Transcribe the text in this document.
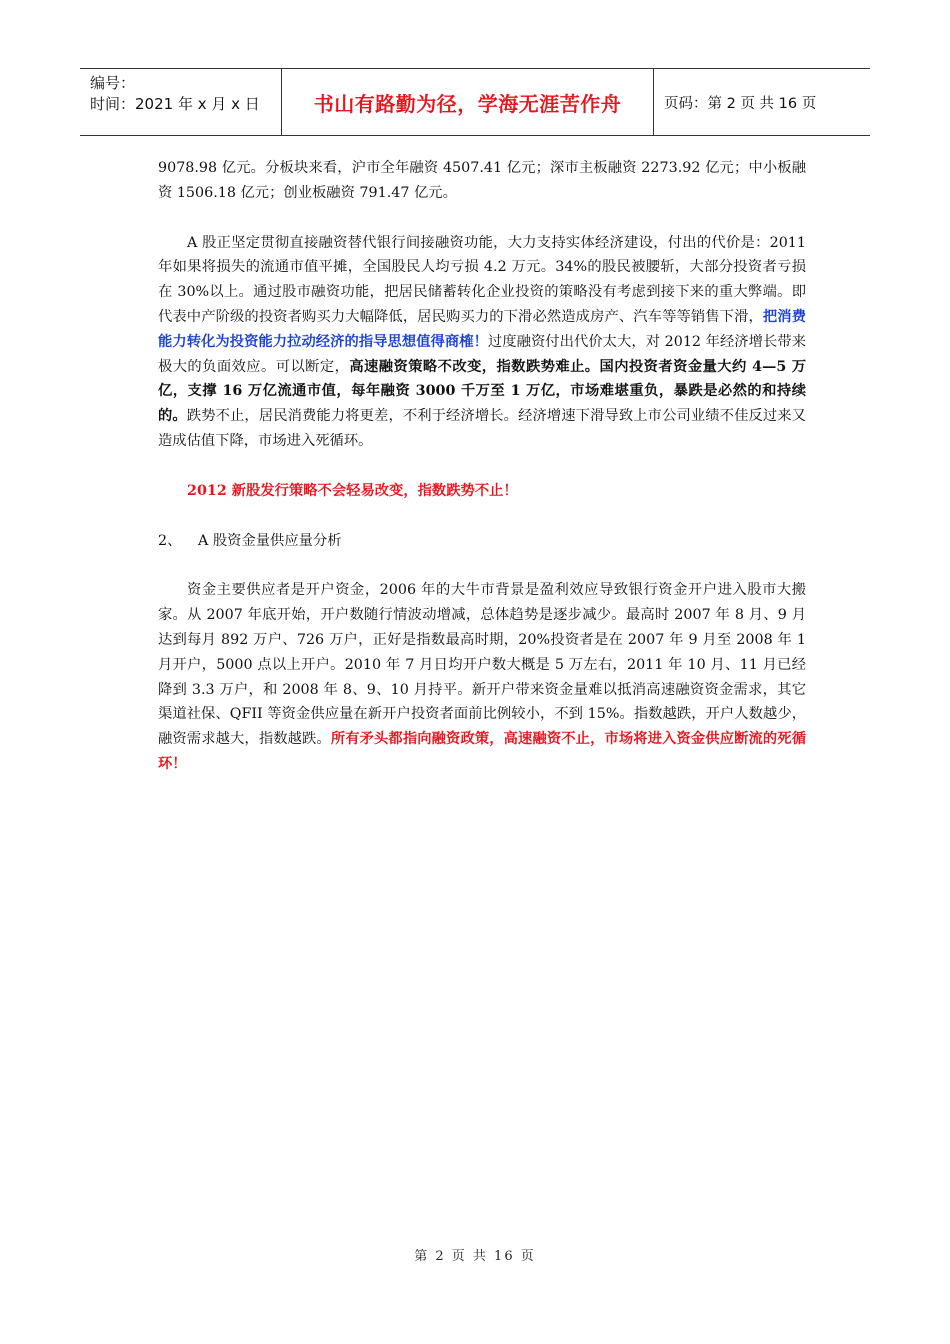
编号：
时间：2021 年 x 月 x 日	书山有路勤为径，学海无涯苦作舟	页码：第 2 页 共 16 页

9078.98 亿元。分板块来看，沪市全年融资 4507.41 亿元；深市主板融资 2273.92 亿元；中小板融资 1506.18 亿元；创业板融资 791.47 亿元。

A 股正坚定贯彻直接融资替代银行间接融资功能，大力支持实体经济建设，付出的代价是：2011 年如果将损失的流通市值平摊，全国股民人均亏损 4.2 万元。34%的股民被腰斩，大部分投资者亏损在 30%以上。通过股市融资功能，把居民储蓄转化企业投资的策略没有考虑到接下来的重大弊端。即代表中产阶级的投资者购买力大幅降低，居民购买力的下滑必然造成房产、汽车等等销售下滑，把消费能力转化为投资能力拉动经济的指导思想值得商榷！过度融资付出代价太大，对 2012 年经济增长带来极大的负面效应。可以断定，高速融资策略不改变，指数跌势难止。国内投资者资金量大约 4—5 万亿，支撑 16 万亿流通市值，每年融资 3000 千万至 1 万亿，市场难堪重负，暴跌是必然的和持续的。跌势不止，居民消费能力将更差，不利于经济增长。经济增速下滑导致上市公司业绩不佳反过来又造成估值下降，市场进入死循环。

2012 新股发行策略不会轻易改变，指数跌势不止！

2、 A 股资金量供应量分析

资金主要供应者是开户资金，2006 年的大牛市背景是盈利效应导致银行资金开户进入股市大搬家。从 2007 年底开始，开户数随行情波动增减，总体趋势是逐步减少。最高时 2007 年 8 月、9 月达到每月 892 万户、726 万户，正好是指数最高时期，20%投资者是在 2007 年 9 月至 2008 年 1 月开户，5000 点以上开户。2010 年 7 月日均开户数大概是 5 万左右，2011 年 10 月、11 月已经降到 3.3 万户，和 2008 年 8、9、10 月持平。新开户带来资金量难以抵消高速融资资金需求，其它渠道社保、QFII 等资金供应量在新开户投资者面前比例较小，不到 15%。指数越跌，开户人数越少，融资需求越大，指数越跌。所有矛头都指向融资政策，高速融资不止，市场将进入资金供应断流的死循环！

第 2 页 共 16 页
